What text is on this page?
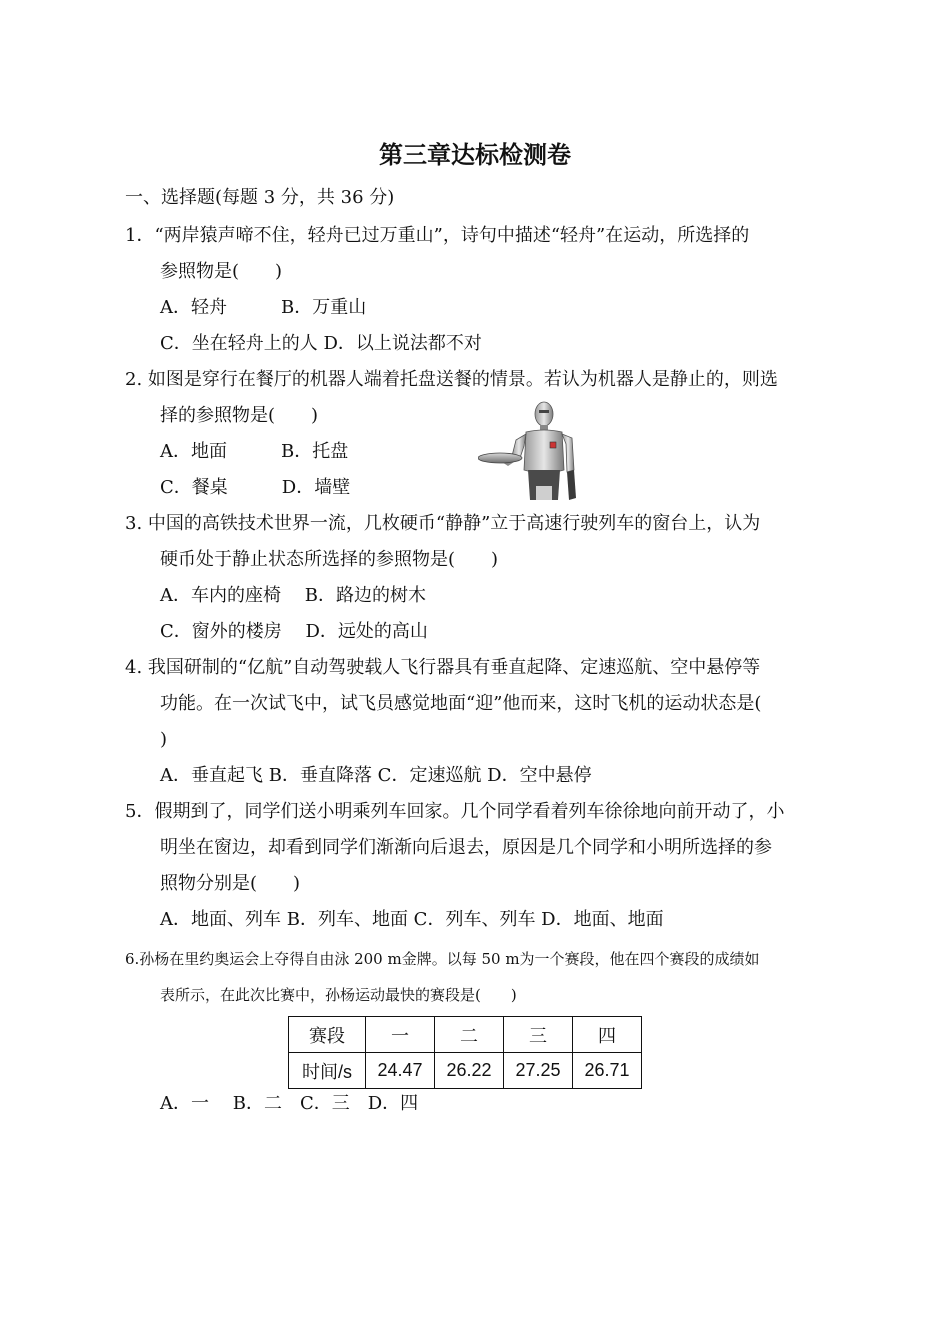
第三章达标检测卷
一、选择题(每题 3 分，共 36 分)
1．“两岸猿声啼不住，轻舟已过万重山”，诗句中描述“轻舟”在运动，所选择的
参照物是(　　)
A．轻舟　　　B．万重山
C．坐在轻舟上的人 D．以上说法都不对
2. 如图是穿行在餐厅的机器人端着托盘送餐的情景。若认为机器人是静止的，则选
择的参照物是(　　)
A．地面　　　B．托盘
C．餐桌　　　D．墙壁
3. 中国的高铁技术世界一流，几枚硬币“静静”立于高速行驶列车的窗台上，认为
硬币处于静止状态所选择的参照物是(　　)
A．车内的座椅　 B．路边的树木
C．窗外的楼房　 D．远处的高山
4. 我国研制的“亿航”自动驾驶载人飞行器具有垂直起降、定速巡航、空中悬停等
功能。在一次试飞中，试飞员感觉地面“迎”他而来，这时飞机的运动状态是(
)
A．垂直起飞 B．垂直降落 C．定速巡航 D．空中悬停
5．假期到了，同学们送小明乘列车回家。几个同学看着列车徐徐地向前开动了，小
明坐在窗边，却看到同学们渐渐向后退去，原因是几个同学和小明所选择的参
照物分别是(　　)
A．地面、列车 B．列车、地面 C．列车、列车 D．地面、地面
6.孙杨在里约奥运会上夺得自由泳 200 m金牌。以每 50 m为一个赛段，他在四个赛段的成绩如
表所示，在此次比赛中，孙杨运动最快的赛段是(　　)
赛段	一	二	三	四
时间/s	24.47	26.22	27.25	26.71
A．一　 B．二　C．三　D．四
